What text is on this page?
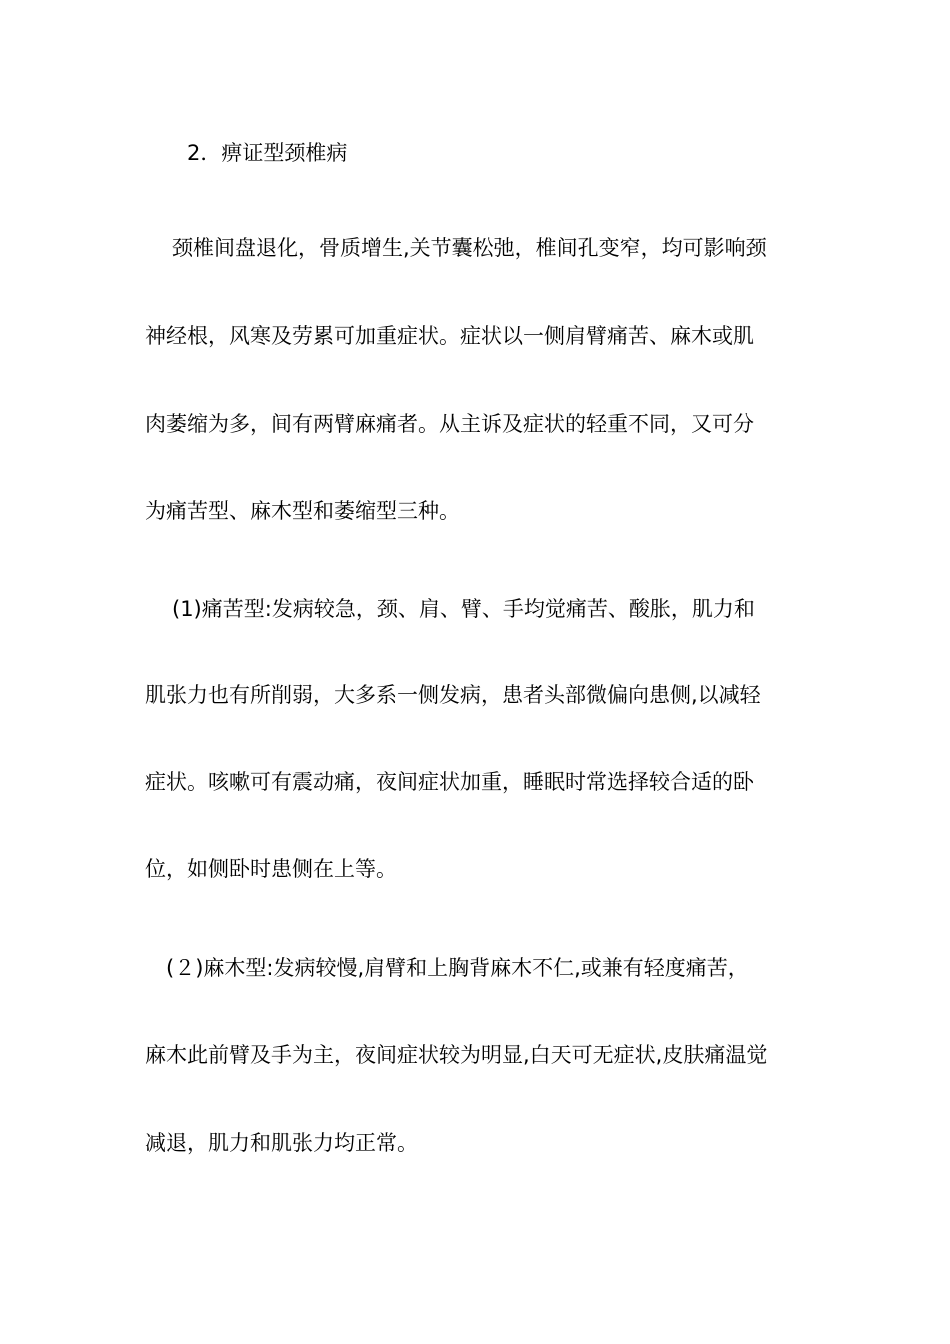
2．痹证型颈椎病
颈椎间盘退化，骨质增生,关节囊松弛，椎间孔变窄，均可影响颈
神经根，风寒及劳累可加重症状。症状以一侧肩臂痛苦、麻木或肌
肉萎缩为多，间有两臂麻痛者。从主诉及症状的轻重不同，又可分
为痛苦型、麻木型和萎缩型三种。
(1)痛苦型:发病较急，颈、肩、臂、手均觉痛苦、酸胀，肌力和
肌张力也有所削弱，大多系一侧发病，患者头部微偏向患侧,以减轻
症状。咳嗽可有震动痛，夜间症状加重，睡眠时常选择较合适的卧
位，如侧卧时患侧在上等。
(２)麻木型:发病较慢,肩臂和上胸背麻木不仁,或兼有轻度痛苦，
麻木此前臂及手为主，夜间症状较为明显,白天可无症状,皮肤痛温觉
减退，肌力和肌张力均正常。
